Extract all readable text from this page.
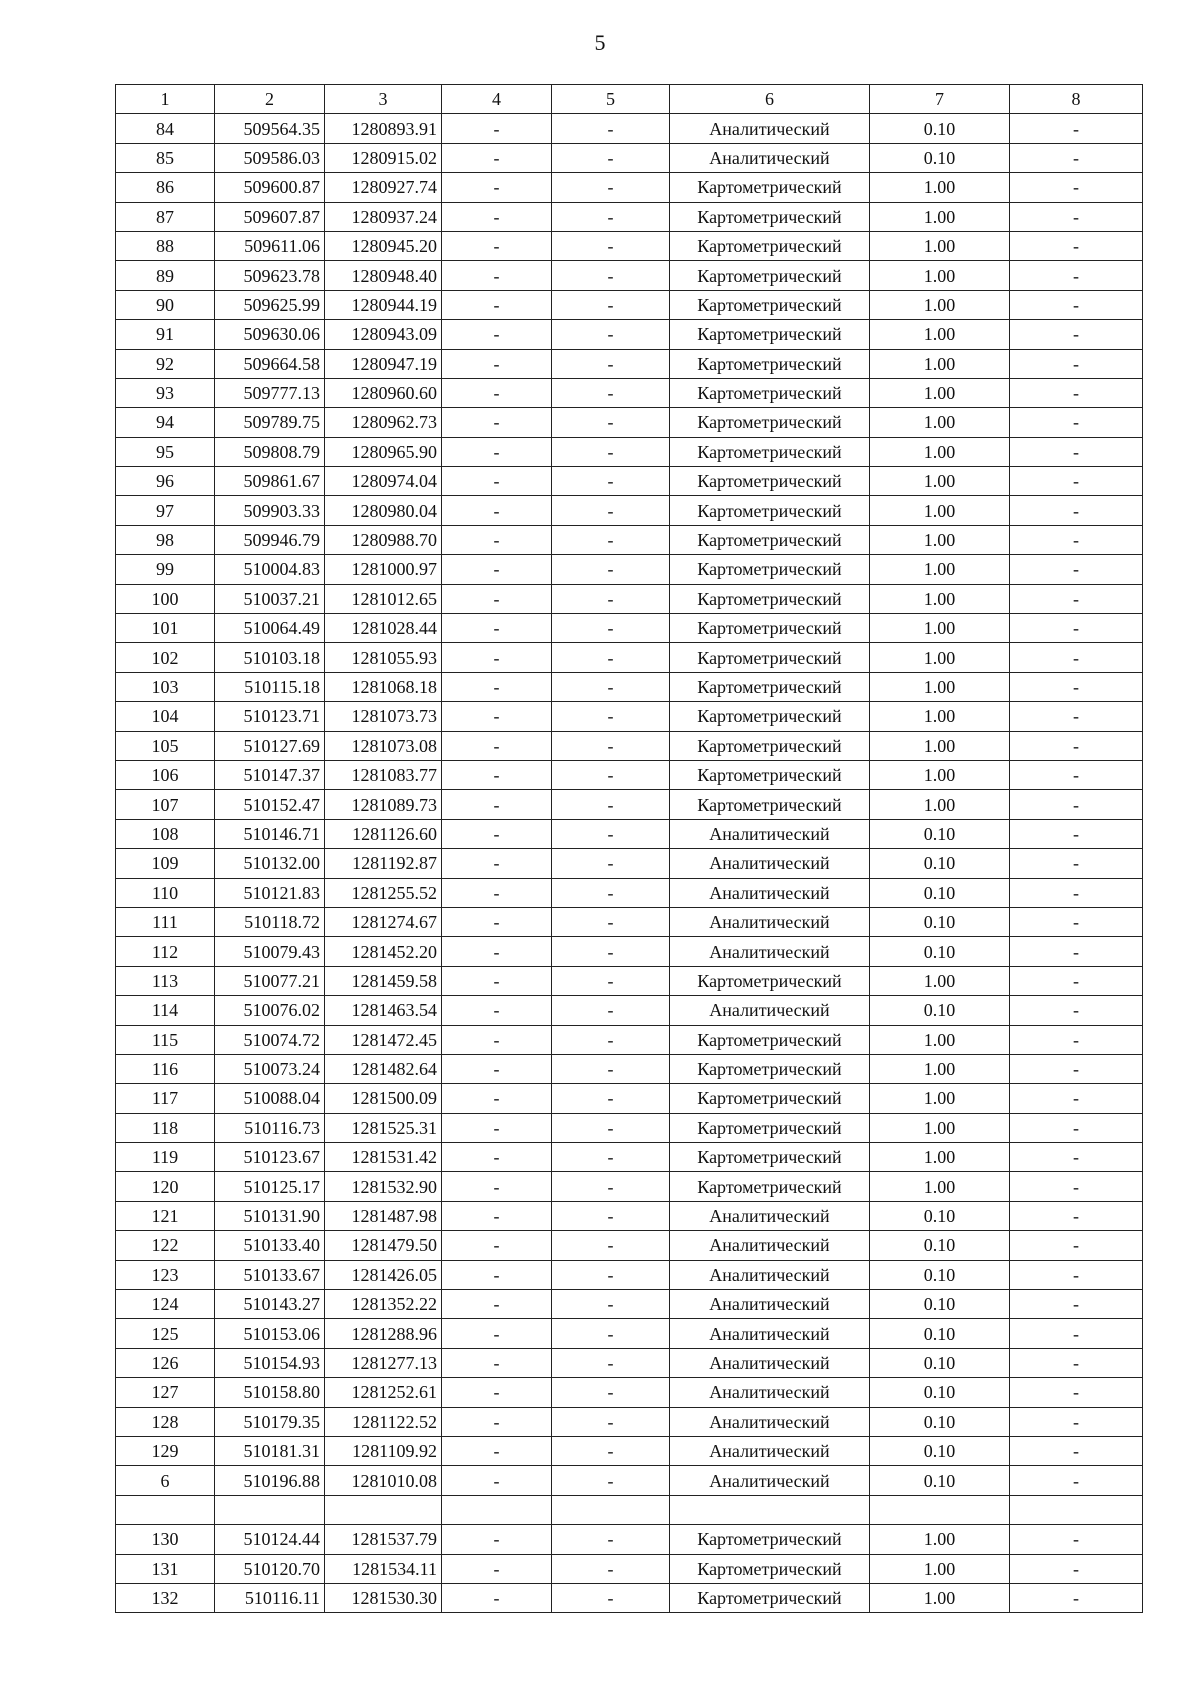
5
1	2	3	4	5	6	7	8
84	509564.35	1280893.91	-	-	Аналитический	0.10	-
85	509586.03	1280915.02	-	-	Аналитический	0.10	-
86	509600.87	1280927.74	-	-	Картометрический	1.00	-
87	509607.87	1280937.24	-	-	Картометрический	1.00	-
88	509611.06	1280945.20	-	-	Картометрический	1.00	-
89	509623.78	1280948.40	-	-	Картометрический	1.00	-
90	509625.99	1280944.19	-	-	Картометрический	1.00	-
91	509630.06	1280943.09	-	-	Картометрический	1.00	-
92	509664.58	1280947.19	-	-	Картометрический	1.00	-
93	509777.13	1280960.60	-	-	Картометрический	1.00	-
94	509789.75	1280962.73	-	-	Картометрический	1.00	-
95	509808.79	1280965.90	-	-	Картометрический	1.00	-
96	509861.67	1280974.04	-	-	Картометрический	1.00	-
97	509903.33	1280980.04	-	-	Картометрический	1.00	-
98	509946.79	1280988.70	-	-	Картометрический	1.00	-
99	510004.83	1281000.97	-	-	Картометрический	1.00	-
100	510037.21	1281012.65	-	-	Картометрический	1.00	-
101	510064.49	1281028.44	-	-	Картометрический	1.00	-
102	510103.18	1281055.93	-	-	Картометрический	1.00	-
103	510115.18	1281068.18	-	-	Картометрический	1.00	-
104	510123.71	1281073.73	-	-	Картометрический	1.00	-
105	510127.69	1281073.08	-	-	Картометрический	1.00	-
106	510147.37	1281083.77	-	-	Картометрический	1.00	-
107	510152.47	1281089.73	-	-	Картометрический	1.00	-
108	510146.71	1281126.60	-	-	Аналитический	0.10	-
109	510132.00	1281192.87	-	-	Аналитический	0.10	-
110	510121.83	1281255.52	-	-	Аналитический	0.10	-
111	510118.72	1281274.67	-	-	Аналитический	0.10	-
112	510079.43	1281452.20	-	-	Аналитический	0.10	-
113	510077.21	1281459.58	-	-	Картометрический	1.00	-
114	510076.02	1281463.54	-	-	Аналитический	0.10	-
115	510074.72	1281472.45	-	-	Картометрический	1.00	-
116	510073.24	1281482.64	-	-	Картометрический	1.00	-
117	510088.04	1281500.09	-	-	Картометрический	1.00	-
118	510116.73	1281525.31	-	-	Картометрический	1.00	-
119	510123.67	1281531.42	-	-	Картометрический	1.00	-
120	510125.17	1281532.90	-	-	Картометрический	1.00	-
121	510131.90	1281487.98	-	-	Аналитический	0.10	-
122	510133.40	1281479.50	-	-	Аналитический	0.10	-
123	510133.67	1281426.05	-	-	Аналитический	0.10	-
124	510143.27	1281352.22	-	-	Аналитический	0.10	-
125	510153.06	1281288.96	-	-	Аналитический	0.10	-
126	510154.93	1281277.13	-	-	Аналитический	0.10	-
127	510158.80	1281252.61	-	-	Аналитический	0.10	-
128	510179.35	1281122.52	-	-	Аналитический	0.10	-
129	510181.31	1281109.92	-	-	Аналитический	0.10	-
6	510196.88	1281010.08	-	-	Аналитический	0.10	-

130	510124.44	1281537.79	-	-	Картометрический	1.00	-
131	510120.70	1281534.11	-	-	Картометрический	1.00	-
132	510116.11	1281530.30	-	-	Картометрический	1.00	-
